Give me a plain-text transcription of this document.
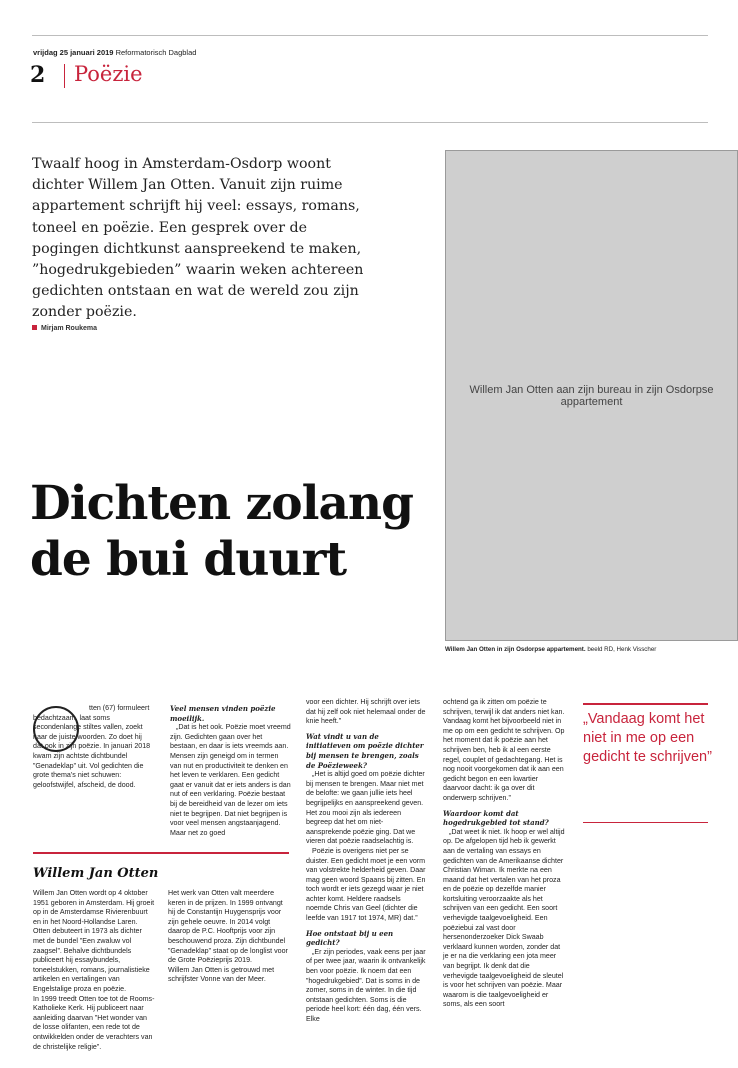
vrijdag 25 januari 2019 Reformatorisch Dagblad
2 Poëzie
Twaalf hoog in Amsterdam-Osdorp woont dichter Willem Jan Otten. Vanuit zijn ruime appartement schrijft hij veel: essays, romans, toneel en poëzie. Een gesprek over de pogingen dichtkunst aanspreekend te maken, ”hogedrukgebieden” waarin weken achtereen gedichten ontstaan en wat de wereld zou zijn zonder poëzie.
Mirjam Roukema
Willem Jan Otten aan zijn bureau in zijn Osdorpse appartement
Willem Jan Otten in zijn Osdorpse appartement. beeld RD, Henk Visscher
Dichten zolang de bui duurt

tten (67) formuleert bedachtzaam, laat soms secondenlange stiltes vallen, zoekt naar de juiste woorden. Zo doet hij dat ook in zijn poëzie. In januari 2018 kwam zijn achtste dichtbundel ”Genadeklap” uit. Vol gedichten die grote thema’s niet schuwen: geloofstwijfel, afscheid, de dood.

Veel mensen vinden poëzie moeilijk.

„Dat is het ook. Poëzie moet vreemd zijn. Gedichten gaan over het bestaan, en daar is iets vreemds aan. Mensen zijn geneigd om in termen van nut en productiviteit te denken en het leven te verklaren. Een gedicht gaat er vanuit dat er iets anders is dan nut of een verklaring. Poëzie bestaat bij de bereidheid van de lezer om iets niet te begrijpen. Dat niet begrijpen is voor veel mensen angstaanjagend. Maar net zo goed

voor een dichter. Hij schrijft over iets dat hij zelf ook niet helemaal onder de knie heeft.”

Wat vindt u van de initiatieven om poëzie dichter bij mensen te brengen, zoals de Poëzieweek?

„Het is altijd goed om poëzie dichter bij mensen te brengen. Maar niet met de belofte: we gaan jullie iets heel begrijpelijks en aanspreekend geven. Het zou mooi zijn als iedereen begreep dat het om niet-aansprekende poëzie ging. Dat we vieren dat poëzie raadselachtig is.

Poëzie is overigens niet per se duister. Een gedicht moet je een vorm van volstrekte helderheid geven. Daar mag geen woord Spaans bij zitten. En toch wordt er iets gezegd waar je niet achter komt. Heldere raadsels noemde Chris van Geel (dichter die leefde van 1917 tot 1974, MR) dat.”

Hoe ontstaat bij u een gedicht?

„Er zijn periodes, vaak eens per jaar of per twee jaar, waarin ik ontvankelijk ben voor poëzie. Ik noem dat een ”hogedrukgebied”. Dat is soms in de zomer, soms in de winter. In die tijd ontstaan gedichten. Soms is die periode heel kort: één dag, één vers. Elke

ochtend ga ik zitten om poëzie te schrijven, terwijl ik dat anders niet kan. Vandaag komt het bijvoorbeeld niet in me op om een gedicht te schrijven. Op het moment dat ik poëzie aan het schrijven ben, heb ik al een eerste regel, couplet of gedachtegang. Het is nog nooit voorgekomen dat ik aan een gedicht begon en een kwartier daarvoor dacht: ik ga over dit onderwerp schrijven.”

Waardoor komt dat hogedrukgebied tot stand?

„Dat weet ik niet. Ik hoop er wel altijd op. De afgelopen tijd heb ik gewerkt aan de vertaling van essays en gedichten van de Amerikaanse dichter Christian Wiman. Ik merkte na een maand dat het vertalen van het proza en de poëzie op dezelfde manier kortsluiting veroorzaakte als het schrijven van een gedicht. Een soort verhevigde taalgevoeligheid. Een poëziebui zal vast door hersenonderzoeker Dick Swaab verklaard kunnen worden, zonder dat je er na die verklaring een jota meer van begrijpt. Ik denk dat die verhevigde taalgevoeligheid de sleutel is voor het schrijven van poëzie. Maar waarom is die taalgevoeligheid er soms, als een soort

„Vandaag komt het niet in me op een gedicht te schrijven”
Willem Jan Otten

Willem Jan Otten wordt op 4 oktober 1951 geboren in Amsterdam. Hij groeit op in de Amsterdamse Rivierenbuurt en in het Noord-Hollandse Laren. Otten debuteert in 1973 als dichter met de bundel ”Een zwaluw vol zaagsel”. Behalve dichtbundels publiceert hij essaybundels, toneelstukken, romans, journalistieke artikelen en vertalingen van Engelstalige proza en poëzie.

In 1999 treedt Otten toe tot de Rooms-Katholieke Kerk. Hij publiceert naar aanleiding daarvan ”Het wonder van de losse olifanten, een rede tot de ontwikkelden onder de verachters van de christelijke religie”.

Het werk van Otten valt meerdere keren in de prijzen. In 1999 ontvangt hij de Constantijn Huygensprijs voor zijn gehele oeuvre. In 2014 volgt daarop de P.C. Hooftprijs voor zijn beschouwend proza. Zijn dichtbundel ”Genadeklap” staat op de longlist voor de Grote Poëzieprijs 2019.

Willem Jan Otten is getrouwd met schrijfster Vonne van der Meer.
